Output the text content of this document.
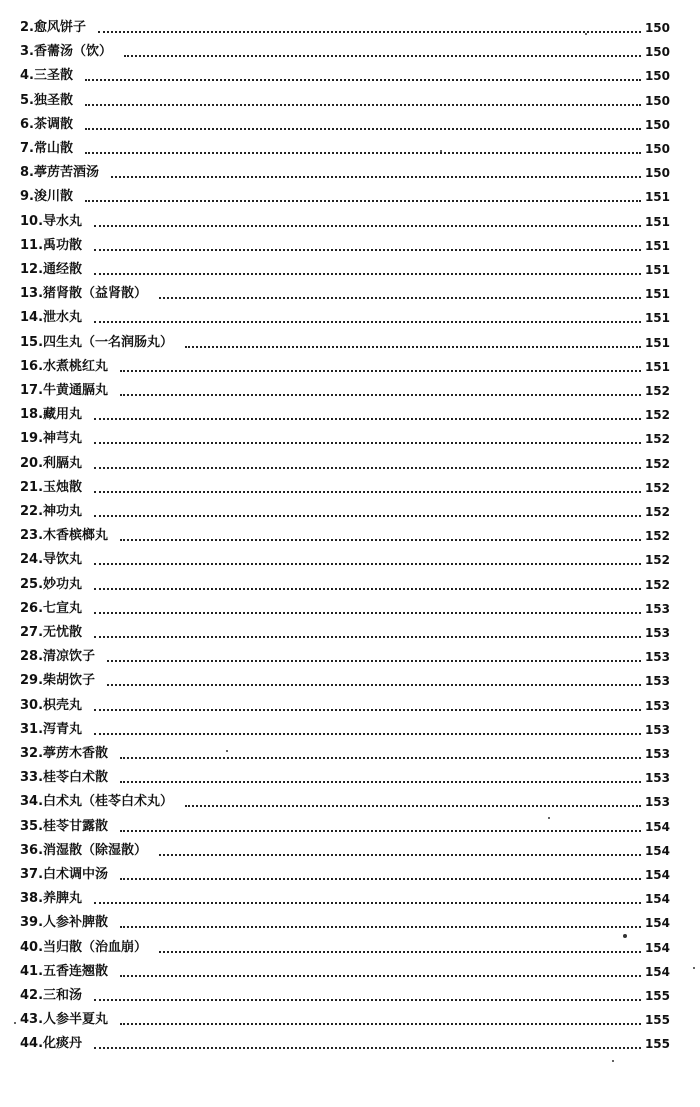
2.愈风饼子	150
3.香薷汤（饮）	150
4.三圣散	150
5.独圣散	150
6.茶调散	150
7.常山散	150
8.葶苈苦酒汤	150
9.浚川散	151
10.导水丸	151
11.禹功散	151
12.通经散	151
13.猪肾散（益肾散）	151
14.泄水丸	151
15.四生丸（一名润肠丸）	151
16.水煮桃红丸	151
17.牛黄通膈丸	152
18.藏用丸	152
19.神芎丸	152
20.利膈丸	152
21.玉烛散	152
22.神功丸	152
23.木香槟榔丸	152
24.导饮丸	152
25.妙功丸	152
26.七宣丸	153
27.无忧散	153
28.清凉饮子	153
29.柴胡饮子	153
30.枳壳丸	153
31.泻青丸	153
32.葶苈木香散	153
33.桂苓白术散	153
34.白术丸（桂苓白术丸）	153
35.桂苓甘露散	154
36.消湿散（除湿散）	154
37.白术调中汤	154
38.养脾丸	154
39.人参补脾散	154
40.当归散（治血崩）	154
41.五香连翘散	154
42.三和汤	155
43.人参半夏丸	155
44.化痰丹	155
